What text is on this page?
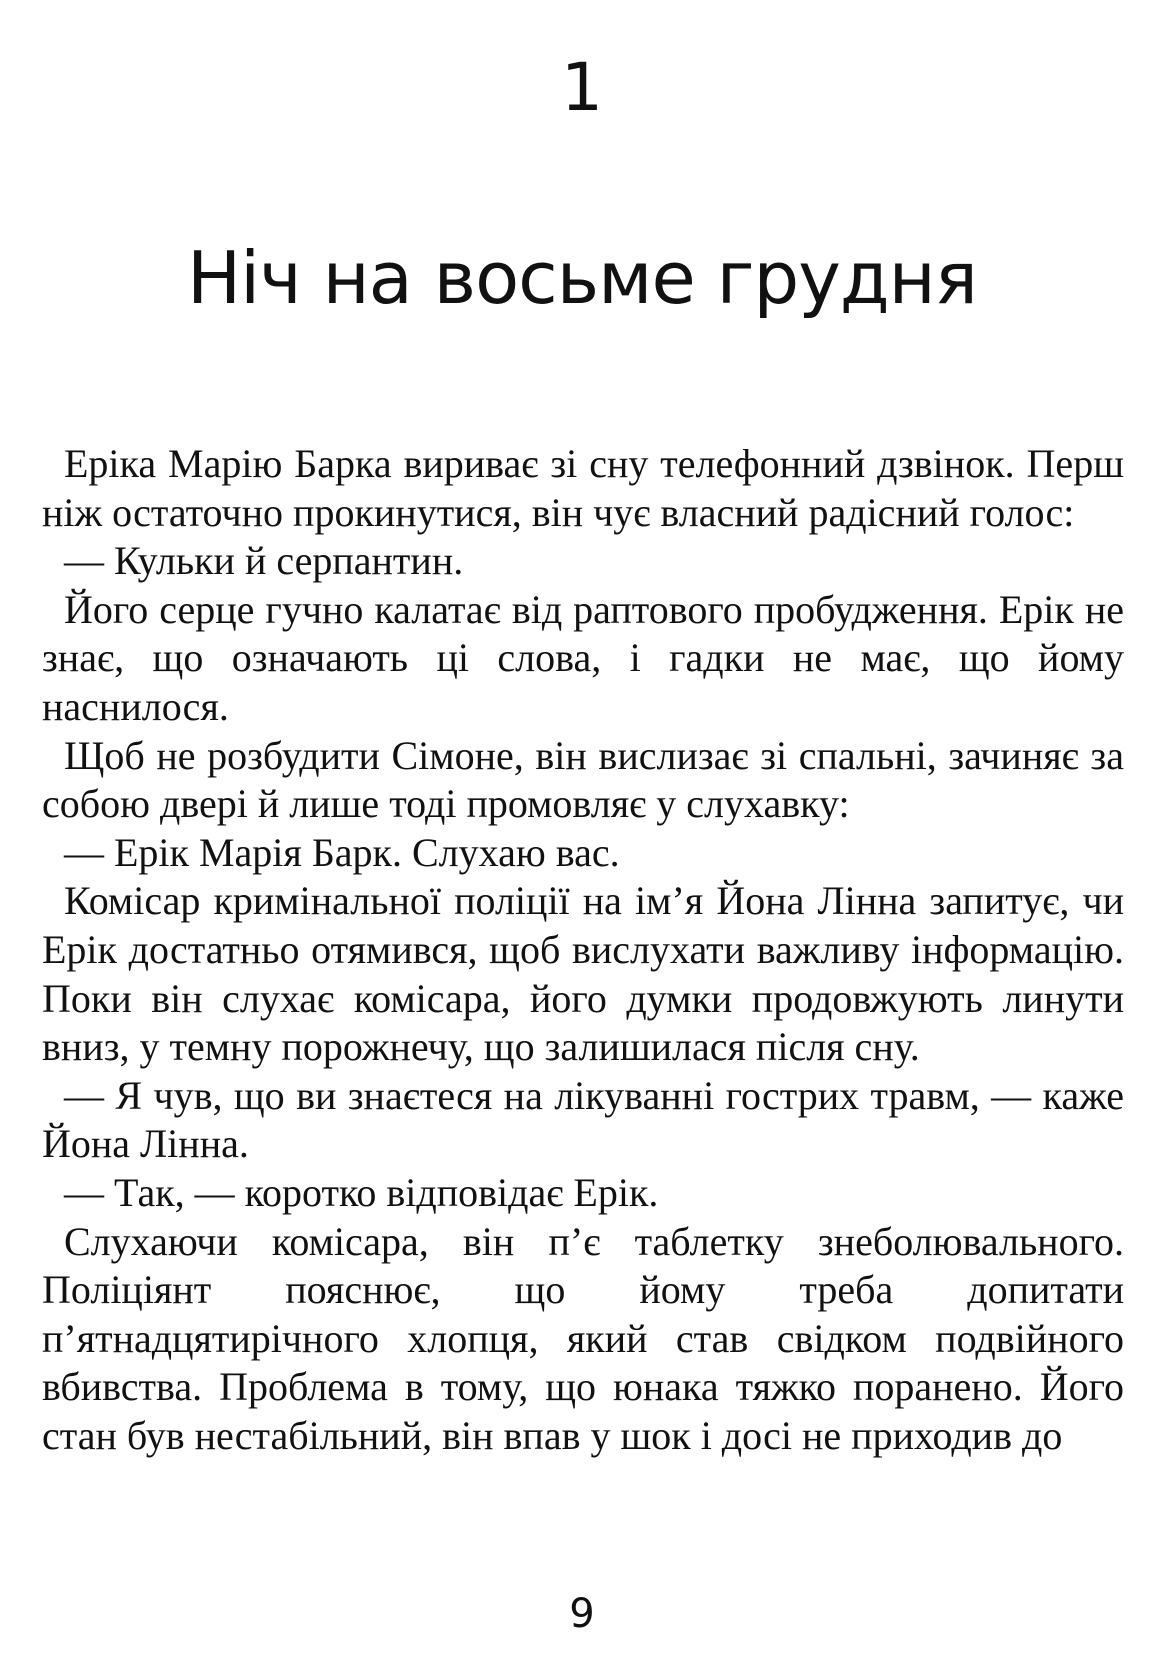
1
Ніч на восьме грудня

Еріка Марію Барка вириває зі сну телефонний дзвінок. Перш ніж остаточно прокинутися, він чує власний радісний голос:

— Кульки й серпантин.

Його серце гучно калатає від раптового пробудження. Ерік не знає, що означають ці слова, і гадки не має, що йому наснилося.

Щоб не розбудити Сімоне, він вислизає зі спальні, зачиняє за собою двері й лише тоді промовляє у слухавку:

— Ерік Марія Барк. Слухаю вас.

Комісар кримінальної поліції на ім’я Йона Лінна запитує, чи Ерік достатньо отямився, щоб вислухати важливу інформацію. Поки він слухає комісара, його думки продовжують линути вниз, у темну порожнечу, що залишилася після сну.

— Я чув, що ви знаєтеся на лікуванні гострих травм, — каже Йона Лінна.

— Так, — коротко відповідає Ерік.

Слухаючи комісара, він п’є таблетку знеболювального. Поліціянт пояснює, що йому треба допитати п’ятнадцятирічного хлопця, який став свідком подвійного вбивства. Проблема в тому, що юнака тяжко поранено. Його стан був нестабільний, він впав у шок і досі не приходив до

9
